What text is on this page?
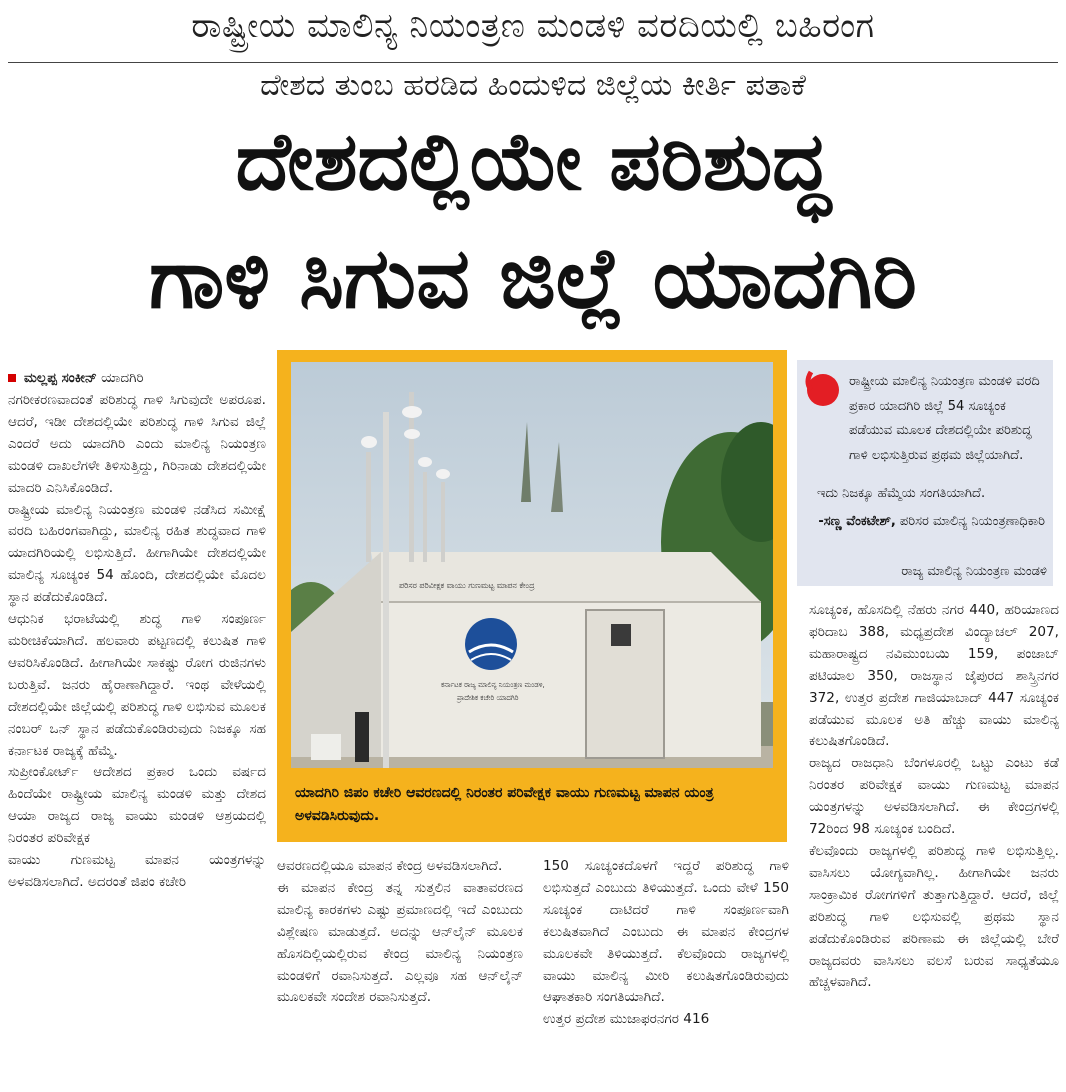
ರಾಷ್ಟ್ರೀಯ ಮಾಲಿನ್ಯ ನಿಯಂತ್ರಣ ಮಂಡಳಿ ವರದಿಯಲ್ಲಿ ಬಹಿರಂಗ
ದೇಶದ ತುಂಬ ಹರಡಿದ ಹಿಂದುಳಿದ ಜಿಲ್ಲೆಯ ಕೀರ್ತಿ ಪತಾಕೆ
ದೇಶದಲ್ಲಿಯೇ ಪರಿಶುದ್ಧ
ಗಾಳಿ ಸಿಗುವ ಜಿಲ್ಲೆ ಯಾದಗಿರಿ
ಮಲ್ಲಪ್ಪ ಸಂಕೀನ್ ಯಾದಗಿರಿ

ನಗರೀಕರಣವಾದಂತೆ ಪರಿಶುದ್ಧ ಗಾಳಿ ಸಿಗುವುದೇ ಅಪರೂಪ. ಆದರೆ, ಇಡೀ ದೇಶದಲ್ಲಿಯೇ ಪರಿಶುದ್ಧ ಗಾಳಿ ಸಿಗುವ ಜಿಲ್ಲೆ ಎಂದರೆ ಅದು ಯಾದಗಿರಿ ಎಂದು ಮಾಲಿನ್ಯ ನಿಯಂತ್ರಣ ಮಂಡಳಿ ದಾಖಲೆಗಳೇ ತಿಳಿಸುತ್ತಿದ್ದು, ಗಿರಿನಾಡು ದೇಶದಲ್ಲಿಯೇ ಮಾದರಿ ಎನಿಸಿಕೊಂಡಿದೆ.

ರಾಷ್ಟ್ರೀಯ ಮಾಲಿನ್ಯ ನಿಯಂತ್ರಣ ಮಂಡಳಿ ನಡೆಸಿದ ಸಮೀಕ್ಷೆ ವರದಿ ಬಹಿರಂಗವಾಗಿದ್ದು, ಮಾಲಿನ್ಯ ರಹಿತ ಶುದ್ಧವಾದ ಗಾಳಿ ಯಾದಗಿರಿಯಲ್ಲಿ ಲಭಿಸುತ್ತಿದೆ. ಹೀಗಾಗಿಯೇ ದೇಶದಲ್ಲಿಯೇ ಮಾಲಿನ್ಯ ಸೂಚ್ಯಂಕ 54 ಹೊಂದಿ, ದೇಶದಲ್ಲಿಯೇ ಮೊದಲ ಸ್ಥಾನ ಪಡೆದುಕೊಂಡಿದೆ.

ಆಧುನಿಕ ಭರಾಟೆಯಲ್ಲಿ ಶುದ್ಧ ಗಾಳಿ ಸಂಪೂರ್ಣ ಮರೀಚಿಕೆಯಾಗಿದೆ. ಹಲವಾರು ಪಟ್ಟಣದಲ್ಲಿ ಕಲುಷಿತ ಗಾಳಿ ಆವರಿಸಿಕೊಂಡಿದೆ. ಹೀಗಾಗಿಯೇ ಸಾಕಷ್ಟು ರೋಗ ರುಜಿನಗಳು ಬರುತ್ತಿವೆ. ಜನರು ಹೈರಾಣಾಗಿದ್ದಾರೆ. ಇಂಥ ವೇಳೆಯಲ್ಲಿ ದೇಶದಲ್ಲಿಯೇ ಜಿಲ್ಲೆಯಲ್ಲಿ ಪರಿಶುದ್ಧ ಗಾಳಿ ಲಭಿಸುವ ಮೂಲಕ ನಂಬರ್ ಒನ್ ಸ್ಥಾನ ಪಡೆದುಕೊಂಡಿರುವುದು ನಿಜಕ್ಕೂ ಸಹ ಕರ್ನಾಟಕ ರಾಜ್ಯಕ್ಕೆ ಹೆಮ್ಮೆ.

ಸುಪ್ರೀಂಕೋರ್ಟ್ ಆದೇಶದ ಪ್ರಕಾರ ಒಂದು ವರ್ಷದ ಹಿಂದೆಯೇ ರಾಷ್ಟ್ರೀಯ ಮಾಲಿನ್ಯ ಮಂಡಳಿ ಮತ್ತು ದೇಶದ ಆಯಾ ರಾಜ್ಯದ ರಾಜ್ಯ ವಾಯು ಮಂಡಳಿ ಆಶ್ರಯದಲ್ಲಿ ನಿರಂತರ ಪರಿವೇಕ್ಷಕ

ವಾಯು ಗುಣಮಟ್ಟ ಮಾಪನ ಯಂತ್ರಗಳನ್ನು ಅಳವಡಿಸಲಾಗಿದೆ. ಅದರಂತೆ ಜಿಪಂ ಕಚೇರಿ

ಪರಿಸರ ಪರಿವೀಕ್ಷಕ ವಾಯು ಗುಣಮಟ್ಟ ಮಾಪನ ಕೇಂದ್ರ
ಕರ್ನಾಟಕ ರಾಜ್ಯ ಮಾಲಿನ್ಯ ನಿಯಂತ್ರಣ ಮಂಡಳಿ,
ಪ್ರಾದೇಶಿಕ ಕಚೇರಿ ಯಾದಗಿರಿ
ಯಾದಗಿರಿ ಜಿಪಂ ಕಚೇರಿ ಆವರಣದಲ್ಲಿ ನಿರಂತರ ಪರಿವೇಕ್ಷಕ ವಾಯು ಗುಣಮಟ್ಟ ಮಾಪನ ಯಂತ್ರ ಅಳವಡಿಸಿರುವುದು.
ರಾಷ್ಟ್ರೀಯ ಮಾಲಿನ್ಯ ನಿಯಂತ್ರಣ ಮಂಡಳಿ ವರದಿ ಪ್ರಕಾರ ಯಾದಗಿರಿ ಜಿಲ್ಲೆ 54 ಸೂಚ್ಯಂಕ ಪಡೆಯುವ ಮೂಲಕ ದೇಶದಲ್ಲಿಯೇ ಪರಿಶುದ್ಧ ಗಾಳಿ ಲಭಿಸುತ್ತಿರುವ ಪ್ರಥಮ ಜಿಲ್ಲೆಯಾಗಿದೆ.
ಇದು ನಿಜಕ್ಕೂ ಹೆಮ್ಮೆಯ ಸಂಗತಿಯಾಗಿದೆ.
-ಸಣ್ಣ ವೆಂಕಟೇಶ್, ಪರಿಸರ ಮಾಲಿನ್ಯ ನಿಯಂತ್ರಣಾಧಿಕಾರಿ
ರಾಜ್ಯ ಮಾಲಿನ್ಯ ನಿಯಂತ್ರಣ ಮಂಡಳಿ

ಸೂಚ್ಯಂಕ, ಹೊಸದಿಲ್ಲಿ ನೆಹರು ನಗರ 440, ಹರಿಯಾಣದ ಫರಿದಾಬ 388, ಮಧ್ಯಪ್ರದೇಶ ವಿಂದ್ಯಾಚಲ್ 207, ಮಹಾರಾಷ್ಟ್ರದ ನವಿಮುಂಬಯಿ 159, ಪಂಜಾಬ್ ಪಟಿಯಾಲ 350, ರಾಜಸ್ಥಾನ ಜೈಪುರದ ಶಾಸ್ತ್ರಿನಗರ 372, ಉತ್ತರ ಪ್ರದೇಶ ಗಾಜಿಯಾಬಾದ್ 447 ಸೂಚ್ಯಂಕ ಪಡೆಯುವ ಮೂಲಕ ಅತಿ ಹೆಚ್ಚು ವಾಯು ಮಾಲಿನ್ಯ ಕಲುಷಿತಗೊಂಡಿದೆ.

ರಾಜ್ಯದ ರಾಜಧಾನಿ ಬೆಂಗಳೂರಲ್ಲಿ ಒಟ್ಟು ಎಂಟು ಕಡೆ ನಿರಂತರ ಪರಿವೇಕ್ಷಕ ವಾಯು ಗುಣಮಟ್ಟ ಮಾಪನ ಯಂತ್ರಗಳನ್ನು ಅಳವಡಿಸಲಾಗಿದೆ. ಈ ಕೇಂದ್ರಗಳಲ್ಲಿ 72ರಿಂದ 98 ಸೂಚ್ಯಂಕ ಬಂದಿದೆ.

ಕೆಲವೊಂದು ರಾಜ್ಯಗಳಲ್ಲಿ ಪರಿಶುದ್ಧ ಗಾಳಿ ಲಭಿಸುತ್ತಿಲ್ಲ. ವಾಸಿಸಲು ಯೋಗ್ಯವಾಗಿಲ್ಲ. ಹೀಗಾಗಿಯೇ ಜನರು ಸಾಂಕ್ರಾಮಿಕ ರೋಗಗಳಿಗೆ ತುತ್ತಾಗುತ್ತಿದ್ದಾರೆ. ಆದರೆ, ಜಿಲ್ಲೆ ಪರಿಶುದ್ಧ ಗಾಳಿ ಲಭಿಸುವಲ್ಲಿ ಪ್ರಥಮ ಸ್ಥಾನ ಪಡೆದುಕೊಂಡಿರುವ ಪರಿಣಾಮ ಈ ಜಿಲ್ಲೆಯಲ್ಲಿ ಬೇರೆ ರಾಜ್ಯದವರು ವಾಸಿಸಲು ವಲಸೆ ಬರುವ ಸಾಧ್ಯತೆಯೂ ಹೆಚ್ಚಳವಾಗಿದೆ.

ಆವರಣದಲ್ಲಿಯೂ ಮಾಪನ ಕೇಂದ್ರ ಅಳವಡಿಸಲಾಗಿದೆ.

ಈ ಮಾಪನ ಕೇಂದ್ರ ತನ್ನ ಸುತ್ತಲಿನ ವಾತಾವರಣದ ಮಾಲಿನ್ಯ ಕಾರಕಗಳು ಎಷ್ಟು ಪ್ರಮಾಣದಲ್ಲಿ ಇದೆ ಎಂಬುದು ವಿಶ್ಲೇಷಣ ಮಾಡುತ್ತದೆ. ಅದನ್ನು ಆನ್‌ಲೈನ್ ಮೂಲಕ ಹೊಸದಿಲ್ಲಿಯಲ್ಲಿರುವ ಕೇಂದ್ರ ಮಾಲಿನ್ಯ ನಿಯಂತ್ರಣ ಮಂಡಳಿಗೆ ರವಾನಿಸುತ್ತದೆ. ಎಲ್ಲವೂ ಸಹ ಆನ್‌ಲೈನ್ ಮೂಲಕವೇ ಸಂದೇಶ ರವಾನಿಸುತ್ತದೆ.

150 ಸೂಚ್ಯಂಕದೊಳಗೆ ಇದ್ದರೆ ಪರಿಶುದ್ಧ ಗಾಳಿ ಲಭಿಸುತ್ತದೆ ಎಂಬುದು ತಿಳಿಯುತ್ತದೆ. ಒಂದು ವೇಳೆ 150 ಸೂಚ್ಯಂಕ ದಾಟಿದರೆ ಗಾಳಿ ಸಂಪೂರ್ಣವಾಗಿ ಕಲುಷಿತವಾಗಿದೆ ಎಂಬುದು ಈ ಮಾಪನ ಕೇಂದ್ರಗಳ ಮೂಲಕವೇ ತಿಳಿಯುತ್ತದೆ. ಕೆಲವೊಂದು ರಾಜ್ಯಗಳಲ್ಲಿ ವಾಯು ಮಾಲಿನ್ಯ ಮೀರಿ ಕಲುಷಿತಗೊಂಡಿರುವುದು ಆಘಾತಕಾರಿ ಸಂಗತಿಯಾಗಿದೆ.

ಉತ್ತರ ಪ್ರದೇಶ ಮುಜಾಫರನಗರ 416
